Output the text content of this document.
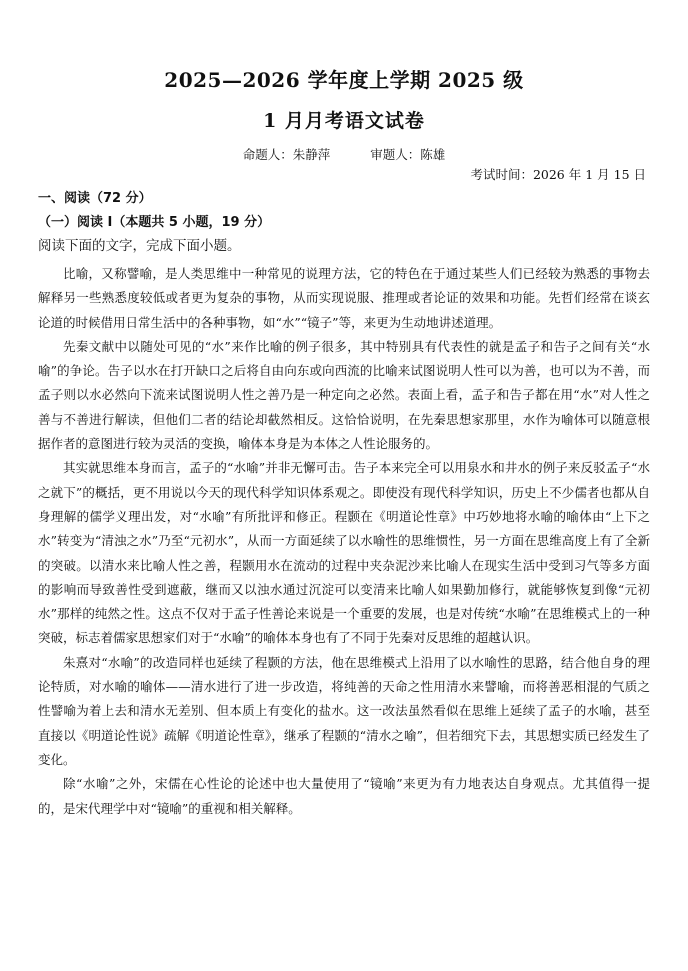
2025—2026 学年度上学期 2025 级
1 月月考语文试卷
命题人：朱静萍	审题人：陈雄
考试时间：2026 年 1 月 15 日
一、阅读（72 分）
（一）阅读 I（本题共 5 小题，19 分）
阅读下面的文字，完成下面小题。

比喻，又称譬喻，是人类思维中一种常见的说理方法，它的特色在于通过某些人们已经较为熟悉的事物去解释另一些熟悉度较低或者更为复杂的事物，从而实现说服、推理或者论证的效果和功能。先哲们经常在谈玄论道的时候借用日常生活中的各种事物，如“水”“镜子”等，来更为生动地讲述道理。

先秦文献中以随处可见的“水”来作比喻的例子很多，其中特别具有代表性的就是孟子和告子之间有关“水喻”的争论。告子以水在打开缺口之后将自由向东或向西流的比喻来试图说明人性可以为善，也可以为不善，而孟子则以水必然向下流来试图说明人性之善乃是一种定向之必然。表面上看，孟子和告子都在用“水”对人性之善与不善进行解读，但他们二者的结论却截然相反。这恰恰说明，在先秦思想家那里，水作为喻体可以随意根据作者的意图进行较为灵活的变换，喻体本身是为本体之人性论服务的。

其实就思维本身而言，孟子的“水喻”并非无懈可击。告子本来完全可以用泉水和井水的例子来反驳孟子“水之就下”的概括，更不用说以今天的现代科学知识体系观之。即使没有现代科学知识，历史上不少儒者也都从自身理解的儒学义理出发，对“水喻”有所批评和修正。程颢在《明道论性章》中巧妙地将水喻的喻体由“上下之水”转变为“清浊之水”乃至“元初水”，从而一方面延续了以水喻性的思维惯性，另一方面在思维高度上有了全新的突破。以清水来比喻人性之善，程颢用水在流动的过程中夹杂泥沙来比喻人在现实生活中受到习气等多方面的影响而导致善性受到遮蔽，继而又以浊水通过沉淀可以变清来比喻人如果勤加修行，就能够恢复到像“元初水”那样的纯然之性。这点不仅对于孟子性善论来说是一个重要的发展，也是对传统“水喻”在思维模式上的一种突破，标志着儒家思想家们对于“水喻”的喻体本身也有了不同于先秦对反思维的超越认识。

朱熹对“水喻”的改造同样也延续了程颢的方法，他在思维模式上沿用了以水喻性的思路，结合他自身的理论特质，对水喻的喻体——清水进行了进一步改造，将纯善的天命之性用清水来譬喻，而将善恶相混的气质之性譬喻为着上去和清水无差别、但本质上有变化的盐水。这一改法虽然看似在思维上延续了孟子的水喻，甚至直接以《明道论性说》疏解《明道论性章》，继承了程颢的“清水之喻”，但若细究下去，其思想实质已经发生了变化。

除“水喻”之外，宋儒在心性论的论述中也大量使用了“镜喻”来更为有力地表达自身观点。尤其值得一提的，是宋代理学中对“镜喻”的重视和相关解释。
